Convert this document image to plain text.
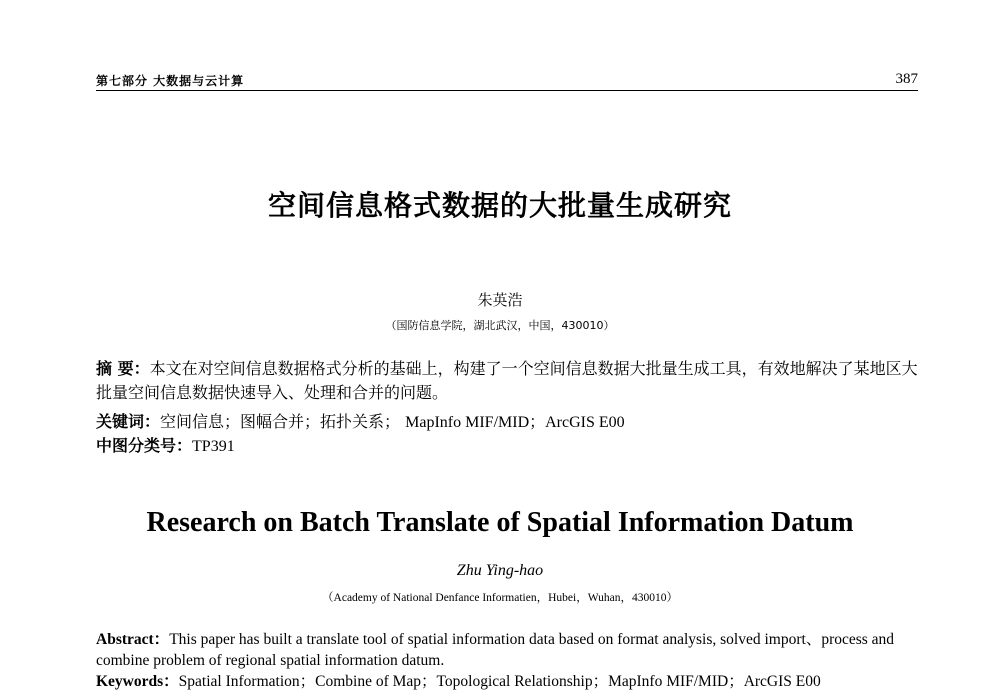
第七部分 大数据与云计算	387
空间信息格式数据的大批量生成研究
朱英浩
（国防信息学院，湖北武汉，中国，430010）
摘 要：本文在对空间信息数据格式分析的基础上，构建了一个空间信息数据大批量生成工具，有效地解决了某地区大批量空间信息数据快速导入、处理和合并的问题。
关键词：空间信息；图幅合并；拓扑关系； MapInfo MIF/MID；ArcGIS E00
中图分类号：TP391
Research on Batch Translate of Spatial Information Datum
Zhu Ying-hao
（Academy of National Denfance Informatien，Hubei，Wuhan，430010）
Abstract：This paper has built a translate tool of spatial information data based on format analysis, solved import、process and combine problem of regional spatial information datum.
Keywords：Spatial Information；Combine of Map；Topological Relationship；MapInfo MIF/MID；ArcGIS E00
